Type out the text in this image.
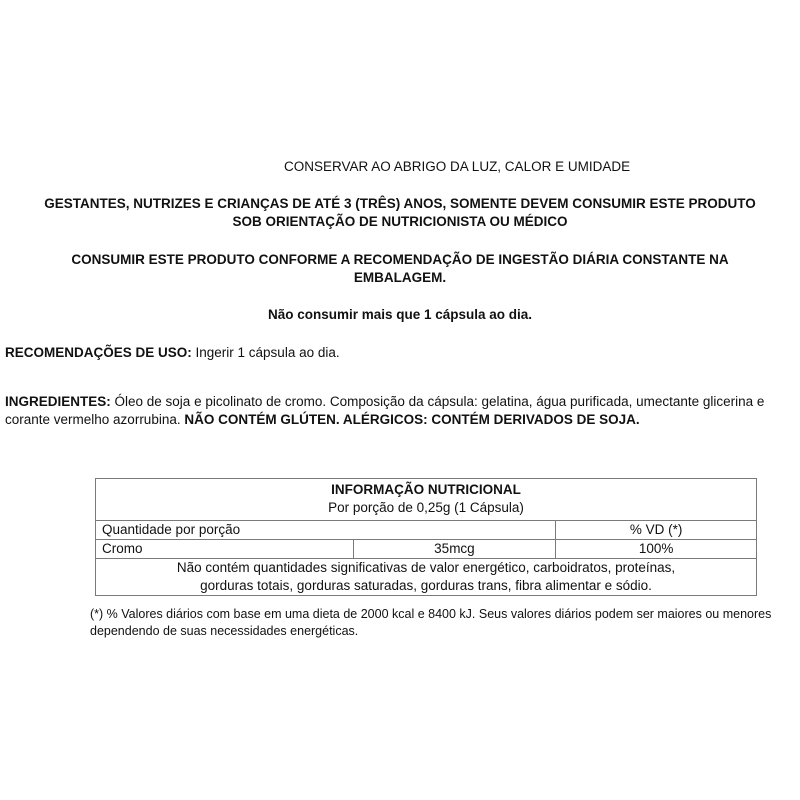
CONSERVAR AO ABRIGO DA LUZ, CALOR E UMIDADE
GESTANTES, NUTRIZES E CRIANÇAS DE ATÉ 3 (TRÊS) ANOS, SOMENTE DEVEM CONSUMIR ESTE PRODUTO
SOB ORIENTAÇÃO DE NUTRICIONISTA OU MÉDICO
CONSUMIR ESTE PRODUTO CONFORME A RECOMENDAÇÃO DE INGESTÃO DIÁRIA CONSTANTE NA
EMBALAGEM.
Não consumir mais que 1 cápsula ao dia.
RECOMENDAÇÕES DE USO: Ingerir 1 cápsula ao dia.
INGREDIENTES: Óleo de soja e picolinato de cromo. Composição da cápsula: gelatina, água purificada, umectante glicerina e
corante vermelho azorrubina. NÃO CONTÉM GLÚTEN. ALÉRGICOS: CONTÉM DERIVADOS DE SOJA.
INFORMAÇÃO NUTRICIONAL
Por porção de 0,25g (1 Cápsula)		

Quantidade por porção		% VD (*)
Cromo	35mcg	100%

Não contém quantidades significativas de valor energético, carboidratos, proteínas,
gorduras totais, gorduras saturadas, gorduras trans, fibra alimentar e sódio.		
(*) % Valores diários com base em uma dieta de 2000 kcal e 8400 kJ. Seus valores diários podem ser maiores ou menores dependendo de suas necessidades energéticas.
